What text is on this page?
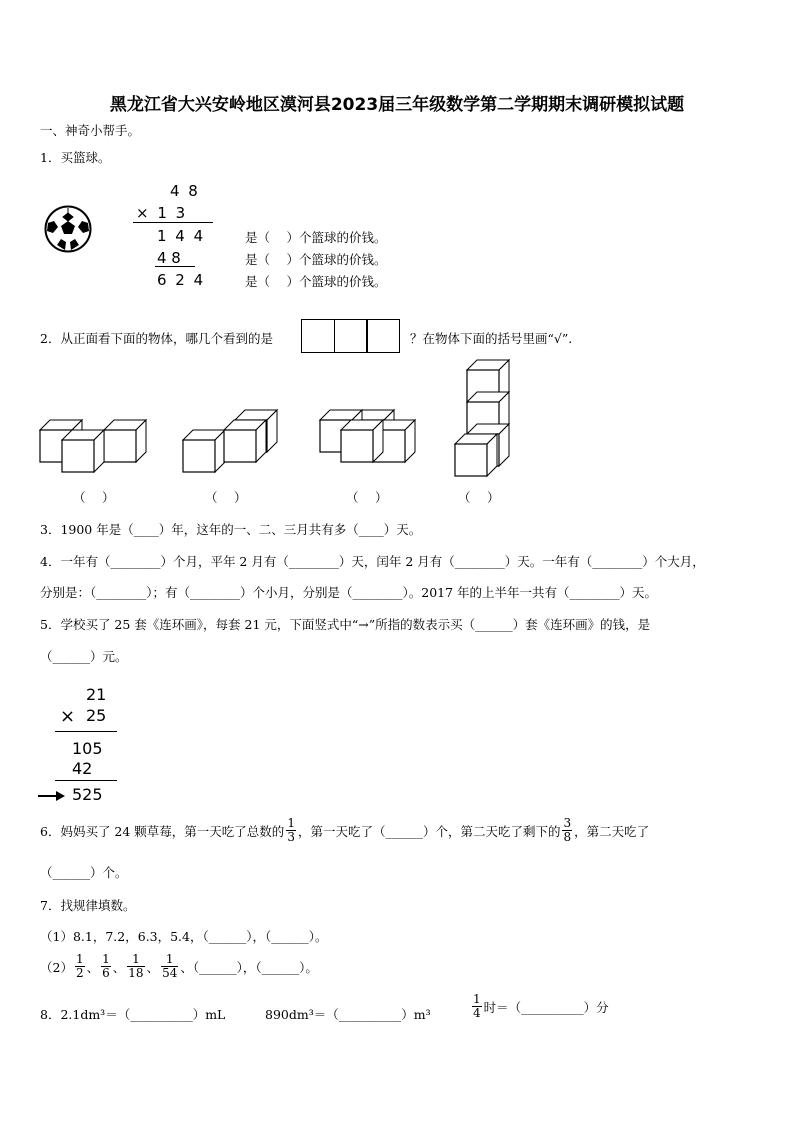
黑龙江省大兴安岭地区漠河县2023届三年级数学第二学期期末调研模拟试题
一、神奇小帮手。
1．买篮球。
4 8
× 1 3
1 4 4
4 8
6 2 4
是（　 ）个篮球的价钱。
是（　 ）个篮球的价钱。
是（　 ）个篮球的价钱。
2．从正面看下面的物体，哪几个看到的是	？在物体下面的括号里画“√”.
（　 ）	（　 ）	（　 ）	（　 ）
3．1900 年是（____）年，这年的一、二、三月共有多（____）天。
4．一年有（________）个月，平年 2 月有（________）天，闰年 2 月有（________）天。一年有（________）个大月，
分别是：（________）；有（________）个小月，分别是（________）。2017 年的上半年一共有（________）天。
5．学校买了 25 套《连环画》，每套 21 元，下面竖式中“→”所指的数表示买（______）套《连环画》的钱，是
（______）元。
21
× 25
105
42
525
6．妈妈买了 24 颗草莓，第一天吃了总数的 $\frac{1}{3}$ ，第一天吃了（______）个，第二天吃了剩下的 $\frac{3}{8}$ ，第二天吃了
（______）个。
7．找规律填数。
（1）8.1，7.2，6.3，5.4，（______），（______）。
$(2) \frac{1}{2}$ 、 $\frac{1}{6}$ 、 $\frac{1}{18}$ 、 $\frac{1}{54}$ 、（______），（______）。
8．2.1dm³＝（__________）mL	890dm³＝（__________）m³	$\frac{1}{4}$ 时＝（__________）分
